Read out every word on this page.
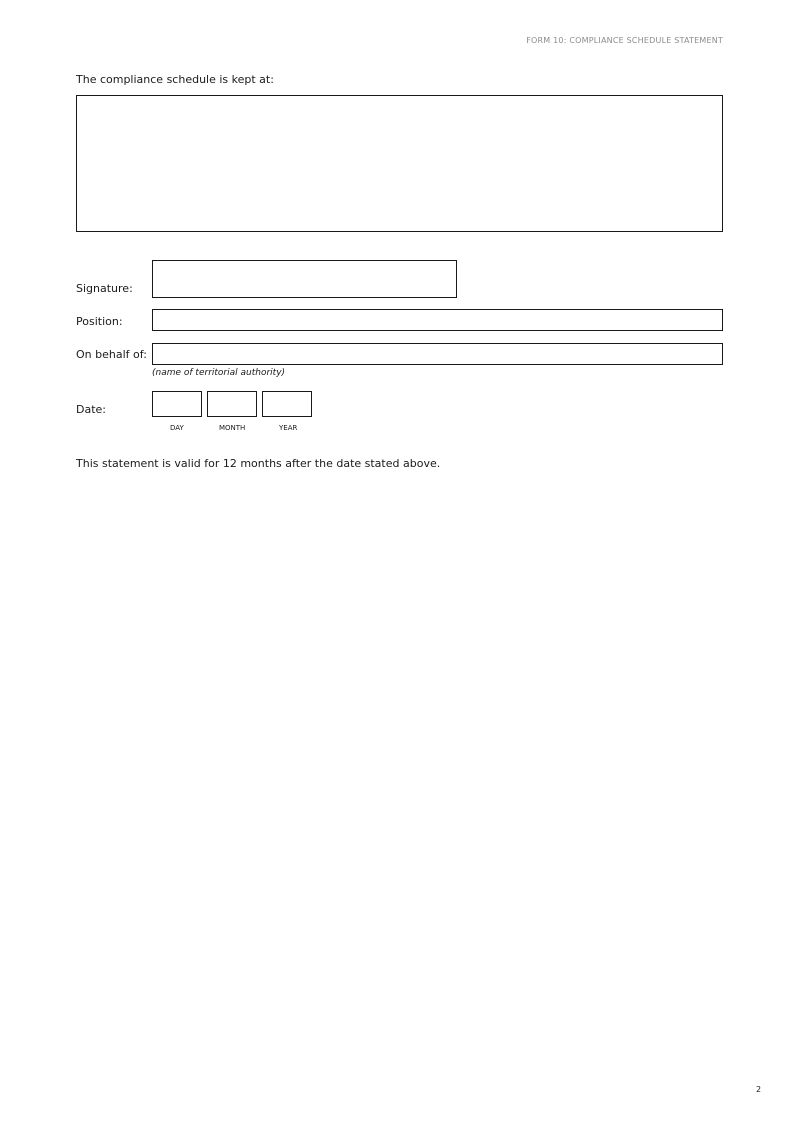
FORM 10: COMPLIANCE SCHEDULE STATEMENT
The compliance schedule is kept at:
Signature:
Position:
On behalf of:
(name of territorial authority)
Date:
DAY	MONTH	YEAR
This statement is valid for 12 months after the date stated above.
2
